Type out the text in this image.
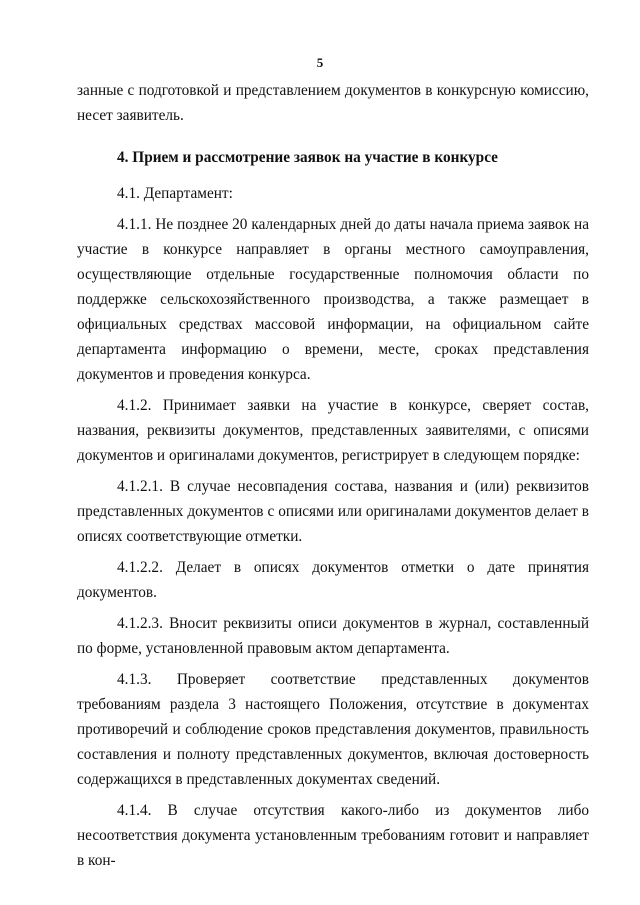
5

занные с подготовкой и представлением документов в конкурсную комиссию, несет заявитель.

4. Прием и рассмотрение заявок на участие в конкурсе

4.1. Департамент:

4.1.1. Не позднее 20 календарных дней до даты начала приема заявок на участие в конкурсе направляет в органы местного самоуправления, осуществляющие отдельные государственные полномочия области по поддержке сельскохозяйственного производства, а также размещает в официальных средствах массовой информации, на официальном сайте департамента информацию о времени, месте, сроках представления документов и проведения конкурса.

4.1.2. Принимает заявки на участие в конкурсе, сверяет состав, названия, реквизиты документов, представленных заявителями, с описями документов и оригиналами документов, регистрирует в следующем порядке:

4.1.2.1. В случае несовпадения состава, названия и (или) реквизитов представленных документов с описями или оригиналами документов делает в описях соответствующие отметки.

4.1.2.2. Делает в описях документов отметки о дате принятия документов.

4.1.2.3. Вносит реквизиты описи документов в журнал, составленный по форме, установленной правовым актом департамента.

4.1.3. Проверяет соответствие представленных документов требованиям раздела 3 настоящего Положения, отсутствие в документах противоречий и соблюдение сроков представления документов, правильность составления и полноту представленных документов, включая достоверность содержащихся в представленных документах сведений.

4.1.4. В случае отсутствия какого-либо из документов либо несоответствия документа установленным требованиям готовит и направляет в кон-
